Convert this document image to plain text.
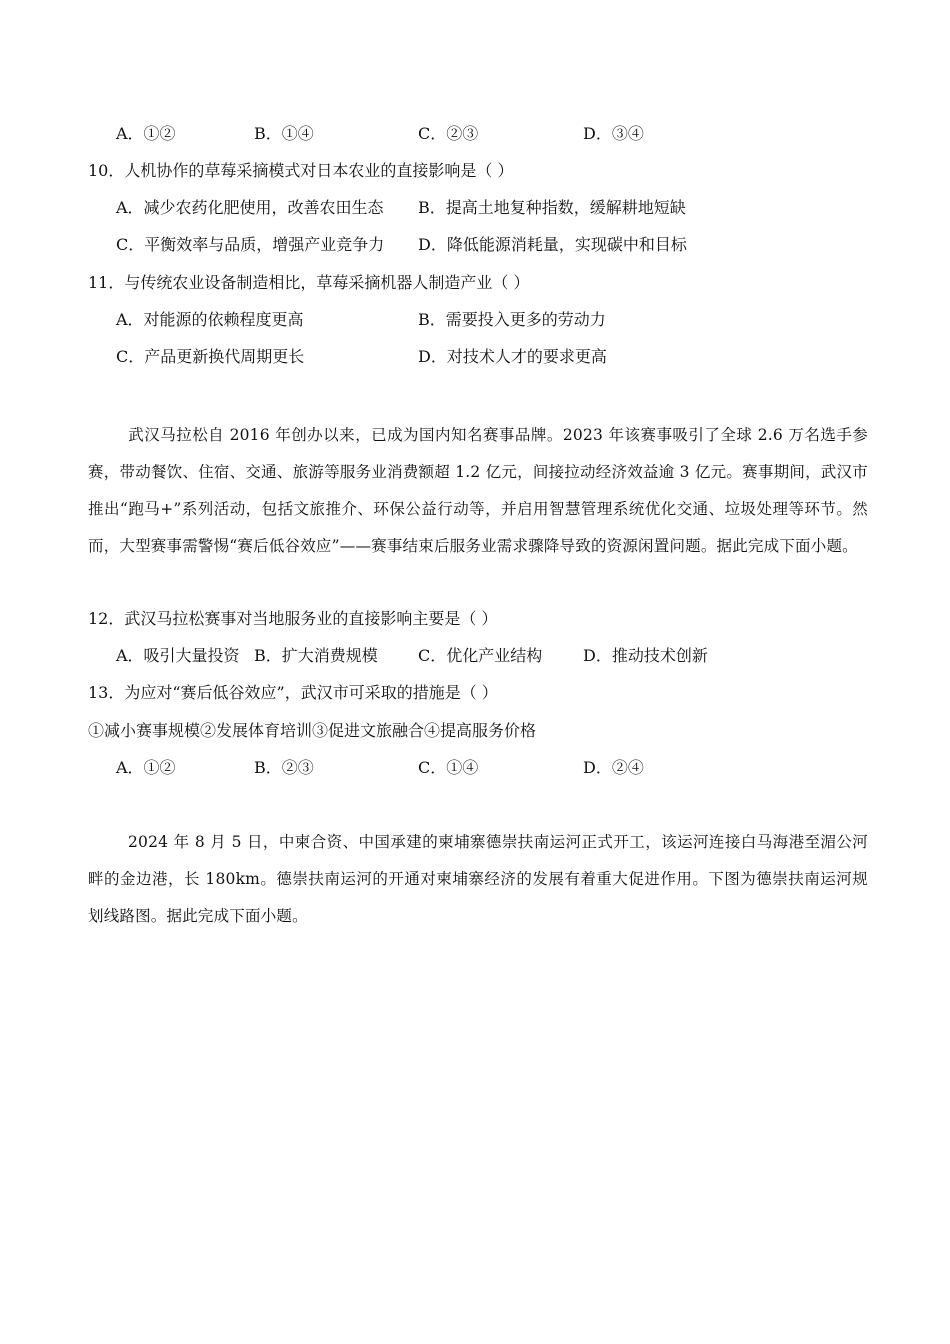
A．①②	B．①④	C．②③	D．③④
10．人机协作的草莓采摘模式对日本农业的直接影响是（ ）
A．减少农药化肥使用，改善农田生态 B．提高土地复种指数，缓解耕地短缺
C．平衡效率与品质，增强产业竞争力 D．降低能源消耗量，实现碳中和目标
11．与传统农业设备制造相比，草莓采摘机器人制造产业（ ）
A．对能源的依赖程度更高	B．需要投入更多的劳动力
C．产品更新换代周期更长	D．对技术人才的要求更高

武汉马拉松自 2016 年创办以来，已成为国内知名赛事品牌。2023 年该赛事吸引了全球 2.6 万名选手参赛，带动餐饮、住宿、交通、旅游等服务业消费额超 1.2 亿元，间接拉动经济效益逾 3 亿元。赛事期间，武汉市推出“跑马+”系列活动，包括文旅推介、环保公益行动等，并启用智慧管理系统优化交通、垃圾处理等环节。然而，大型赛事需警惕“赛后低谷效应”——赛事结束后服务业需求骤降导致的资源闲置问题。据此完成下面小题。

12．武汉马拉松赛事对当地服务业的直接影响主要是（ ）
A．吸引大量投资 B．扩大消费规模	C．优化产业结构	D．推动技术创新
13．为应对“赛后低谷效应”，武汉市可采取的措施是（ ）
①减小赛事规模②发展体育培训③促进文旅融合④提高服务价格
A．①②	B．②③	C．①④	D．②④

2024 年 8 月 5 日，中柬合资、中国承建的柬埔寨德崇扶南运河正式开工，该运河连接白马海港至湄公河畔的金边港，长 180km。德崇扶南运河的开通对柬埔寨经济的发展有着重大促进作用。下图为德崇扶南运河规划线路图。据此完成下面小题。
